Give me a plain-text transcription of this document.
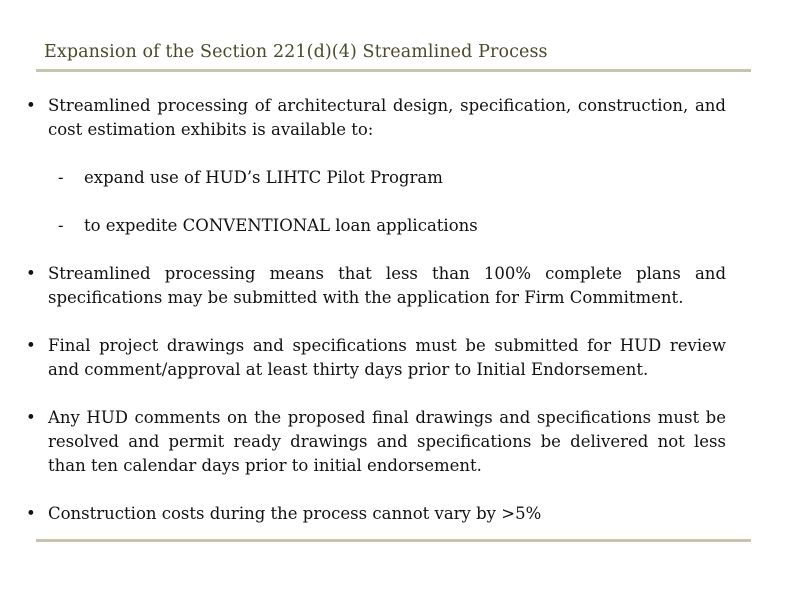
Expansion of the Section 221(d)(4) Streamlined Process
• Streamlined processing of architectural design, specification, construction, and cost estimation exhibits is available to:
- expand use of HUD’s LIHTC Pilot Program
- to expedite CONVENTIONAL loan applications
• Streamlined processing means that less than 100% complete plans and specifications may be submitted with the application for Firm Commitment.
• Final project drawings and specifications must be submitted for HUD review and comment/approval at least thirty days prior to Initial Endorsement.
• Any HUD comments on the proposed final drawings and specifications must be resolved and permit ready drawings and specifications be delivered not less than ten calendar days prior to initial endorsement.
• Construction costs during the process cannot vary by >5%
